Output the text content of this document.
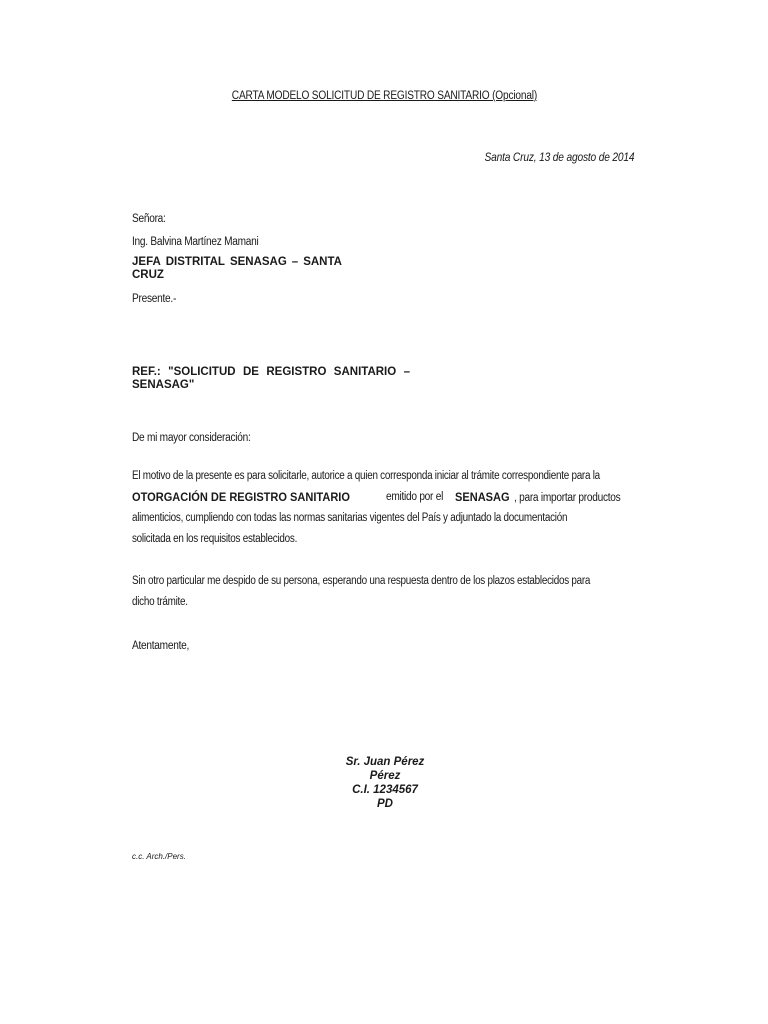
CARTA MODELO SOLICITUD DE REGISTRO SANITARIO (Opcional)
Santa Cruz, 13 de agosto de 2014
Señora:
Ing. Balvina Martínez Mamani
JEFA DISTRITAL SENASAG – SANTA
CRUZ
Presente.-
REF.: "SOLICITUD DE REGISTRO SANITARIO –
SENASAG"
De mi mayor consideración:
El motivo de la presente es para solicitarle, autorice a quien corresponda iniciar al trámite correspondiente para la
OTORGACIÓN DE REGISTRO SANITARIO	emitido por el SENASAG , para importar productos
alimenticios, cumpliendo con todas las normas sanitarias vigentes del País y adjuntado la documentación
solicitada en los requisitos establecidos.
Sin otro particular me despido de su persona, esperando una respuesta dentro de los plazos establecidos para
dicho trámite.
Atentamente,
Sr. Juan Pérez
Pérez
C.I. 1234567
PD
c.c. Arch./Pers.
